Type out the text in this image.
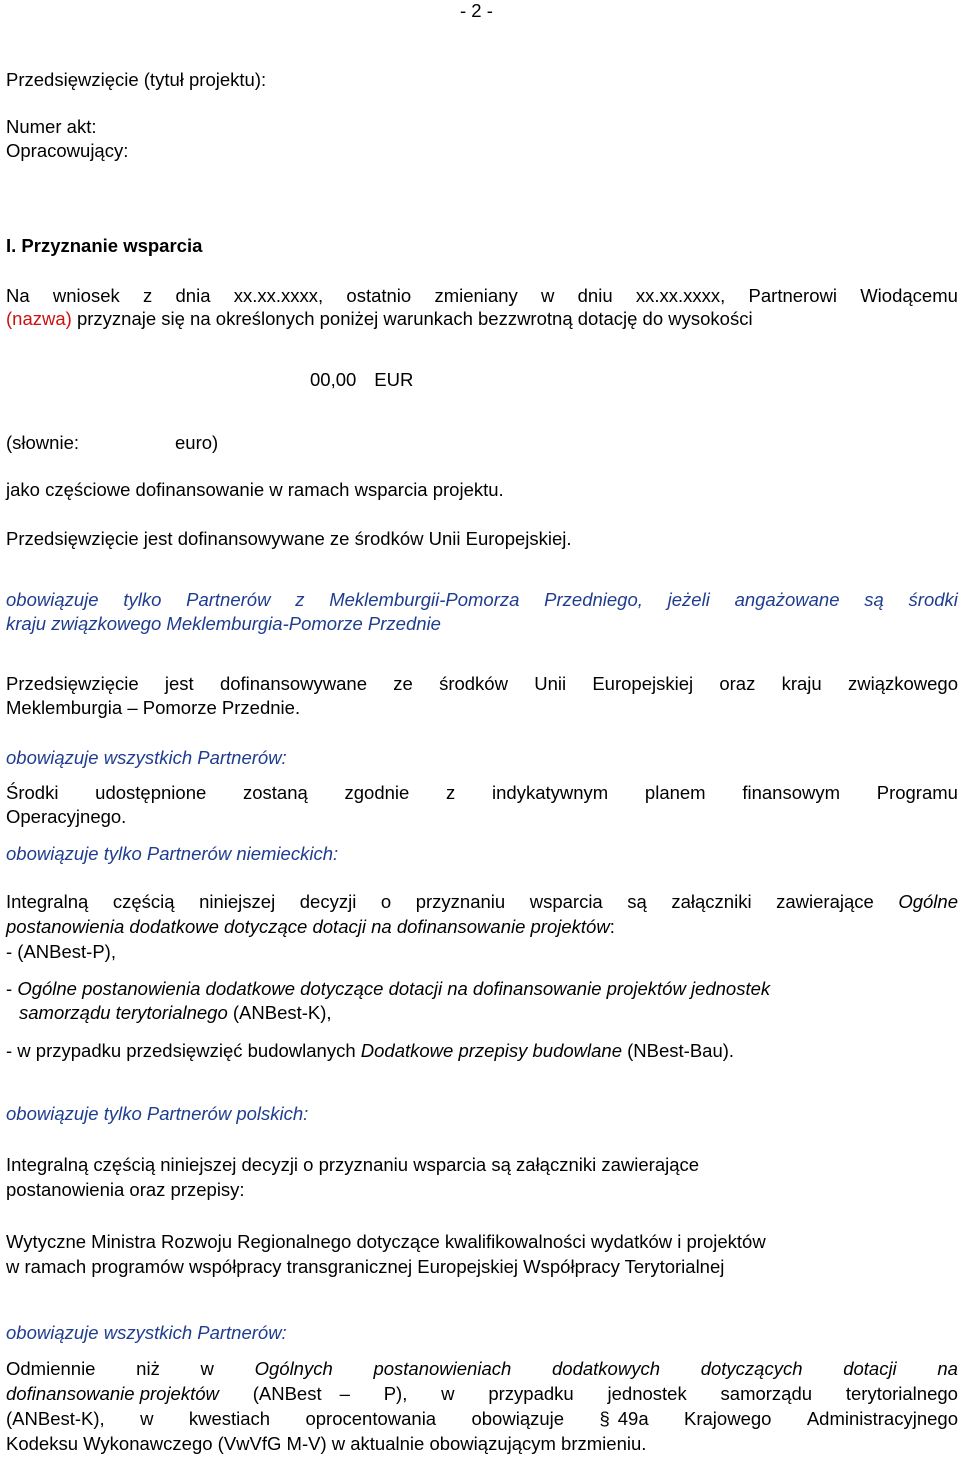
- 2 -
Przedsięwzięcie (tytuł projektu):
Numer akt:
Opracowujący:
I. Przyznanie wsparcia
Na wniosek z dnia xx.xx.xxxx, ostatnio zmieniany w dniu xx.xx.xxxx, Partnerowi Wiodącemu
(nazwa) przyznaje się na określonych poniżej warunkach bezzwrotną dotację do wysokości
00,00 EUR
(słownie:	euro)
jako częściowe dofinansowanie w ramach wsparcia projektu.
Przedsięwzięcie jest dofinansowywane ze środków Unii Europejskiej.
obowiązuje tylko Partnerów z Meklemburgii-Pomorza Przedniego, jeżeli angażowane są środki
kraju związkowego Meklemburgia-Pomorze Przednie
Przedsięwzięcie jest dofinansowywane ze środków Unii Europejskiej oraz kraju związkowego
Meklemburgia – Pomorze Przednie.
obowiązuje wszystkich Partnerów:
Środki udostępnione zostaną zgodnie z indykatywnym planem finansowym Programu
Operacyjnego.
obowiązuje tylko Partnerów niemieckich:
Integralną częścią niniejszej decyzji o przyznaniu wsparcia są załączniki zawierające Ogólne
postanowienia dodatkowe dotyczące dotacji na dofinansowanie projektów:
- (ANBest-P),
- Ogólne postanowienia dodatkowe dotyczące dotacji na dofinansowanie projektów jednostek
samorządu terytorialnego (ANBest-K),
- w przypadku przedsięwzięć budowlanych Dodatkowe przepisy budowlane (NBest-Bau).
obowiązuje tylko Partnerów polskich:
Integralną częścią niniejszej decyzji o przyznaniu wsparcia są załączniki zawierające
postanowienia oraz przepisy:
Wytyczne Ministra Rozwoju Regionalnego dotyczące kwalifikowalności wydatków i projektów
w ramach programów współpracy transgranicznej Europejskiej Współpracy Terytorialnej
obowiązuje wszystkich Partnerów:
Odmiennie niż w Ogólnych postanowieniach dodatkowych dotyczących dotacji na
dofinansowanie projektów (ANBest – P), w przypadku jednostek samorządu terytorialnego
(ANBest-K), w kwestiach oprocentowania obowiązuje § 49a Krajowego Administracyjnego
Kodeksu Wykonawczego (VwVfG M-V) w aktualnie obowiązującym brzmieniu.
